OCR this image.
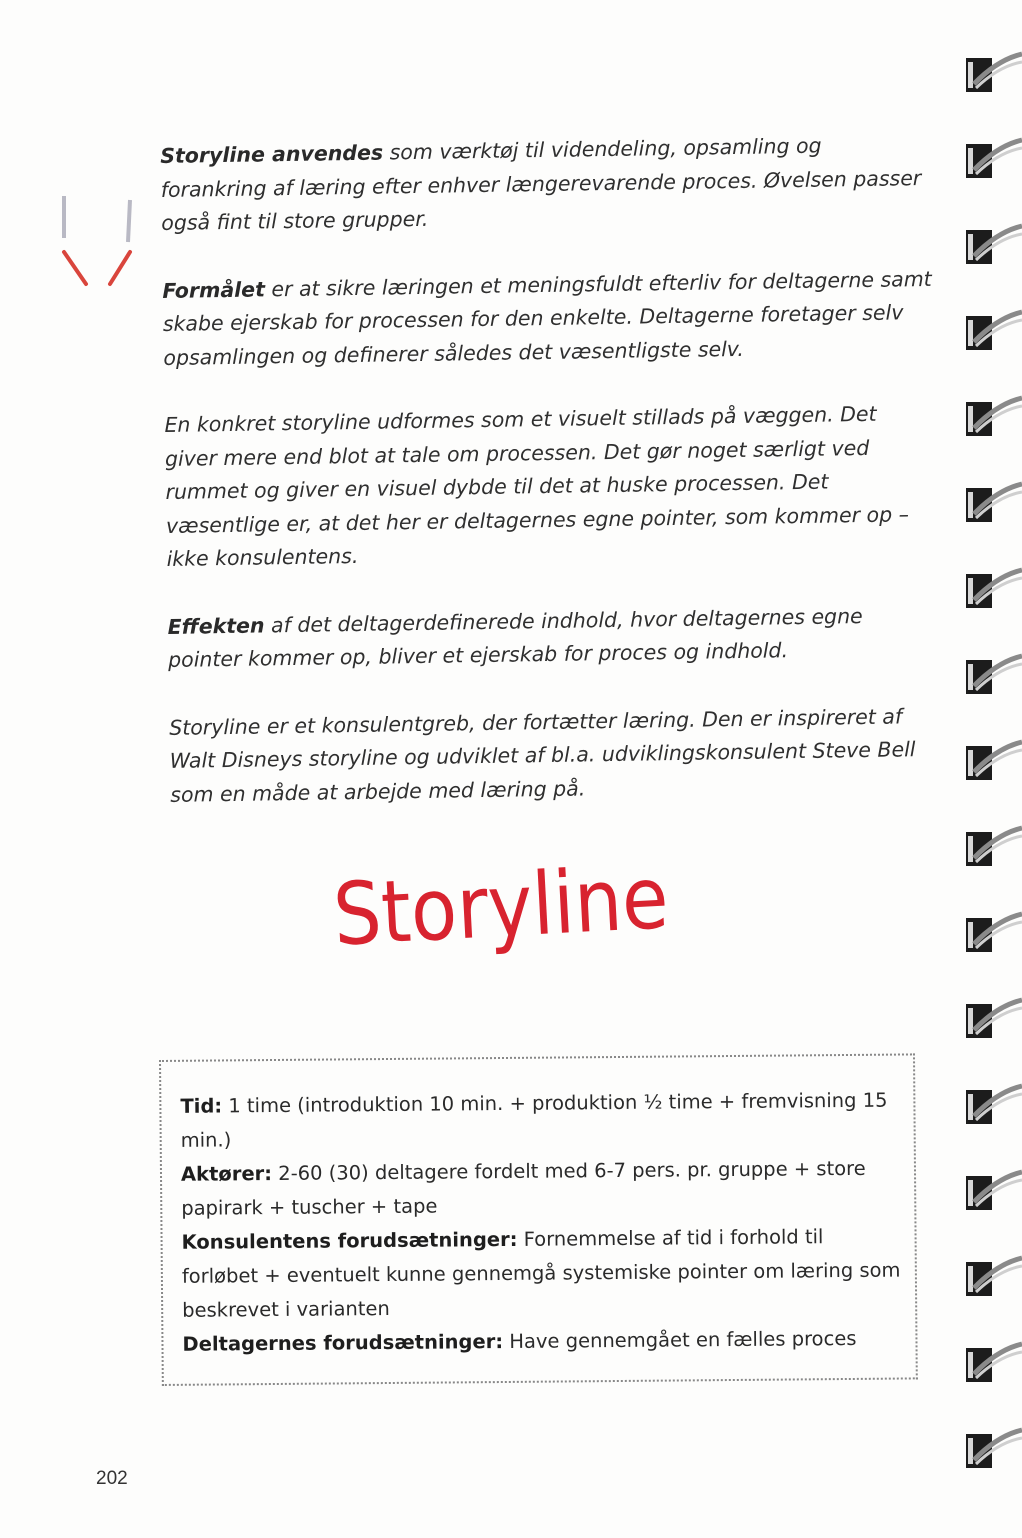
Storyline anvendes som værktøj til videndeling, opsamling og forankring af læring efter enhver længerevarende proces. Øvelsen passer også fint til store grupper.

Formålet er at sikre læringen et meningsfuldt efterliv for deltagerne samt skabe ejerskab for processen for den enkelte. Deltagerne foretager selv opsamlingen og definerer således det væsentligste selv.

En konkret storyline udformes som et visuelt stillads på væggen. Det giver mere end blot at tale om processen. Det gør noget særligt ved rummet og giver en visuel dybde til det at huske processen. Det væsentlige er, at det her er deltagernes egne pointer, som kommer op – ikke konsulentens.

Effekten af det deltagerdefinerede indhold, hvor deltagernes egne pointer kommer op, bliver et ejerskab for proces og indhold.

Storyline er et konsulentgreb, der fortætter læring. Den er inspireret af Walt Disneys storyline og udviklet af bl.a. udviklingskonsulent Steve Bell som en måde at arbejde med læring på.

Storyline

Tid: 1 time (introduktion 10 min. + produktion ½ time + fremvisning 15 min.)

Aktører: 2-60 (30) deltagere fordelt med 6-7 pers. pr. gruppe + store papirark + tuscher + tape

Konsulentens forudsætninger: Fornemmelse af tid i forhold til forløbet + eventuelt kunne gennemgå systemiske pointer om læring som beskrevet i varianten

Deltagernes forudsætninger: Have gennemgået en fælles proces

202
